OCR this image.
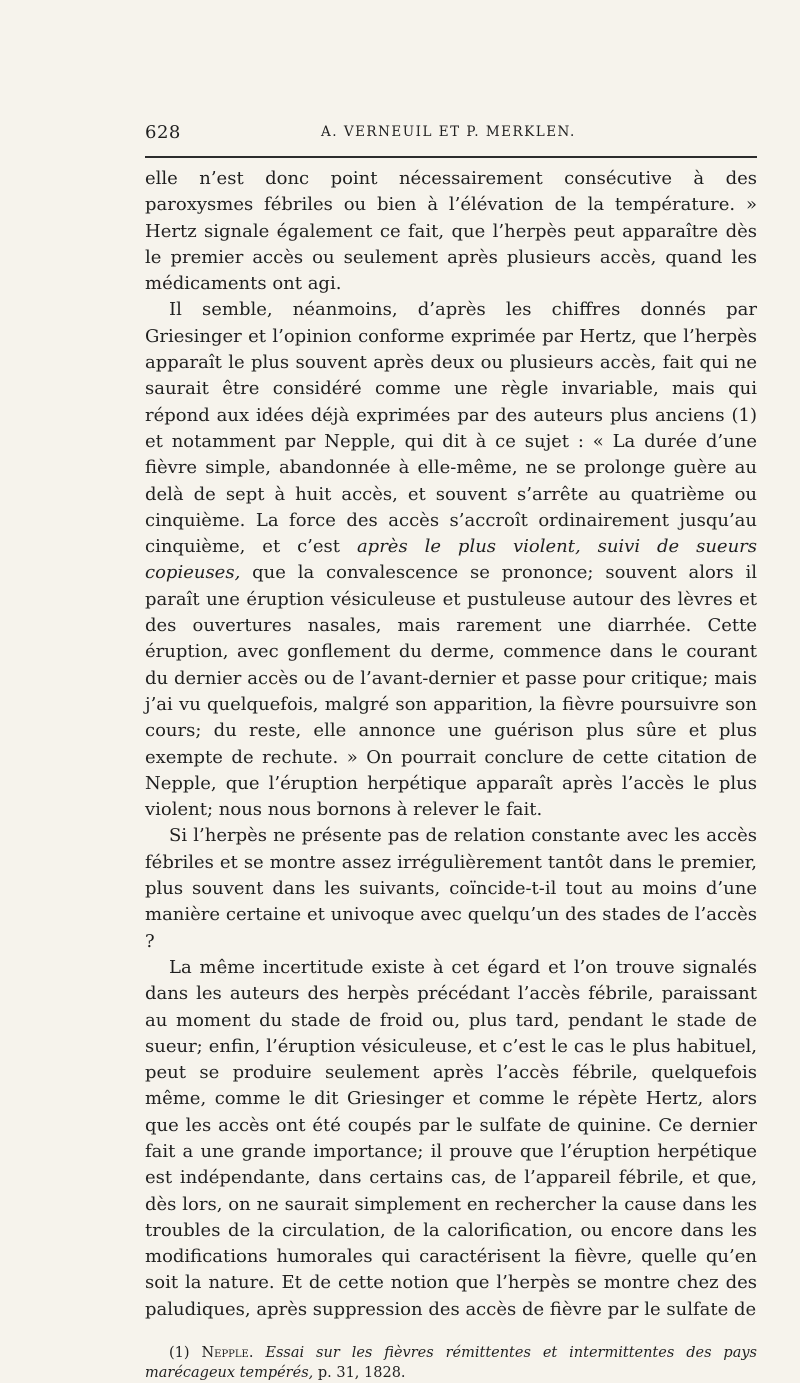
628	A. VERNEUIL ET P. MERKLEN.

elle n’est donc point nécessairement consécutive à des paroxysmes fébriles ou bien à l’élévation de la température. » Hertz signale également ce fait, que l’herpès peut apparaître dès le premier accès ou seulement après plusieurs accès, quand les médicaments ont agi.

Il semble, néanmoins, d’après les chiffres donnés par Griesinger et l’opinion conforme exprimée par Hertz, que l’herpès apparaît le plus souvent après deux ou plusieurs accès, fait qui ne saurait être considéré comme une règle invariable, mais qui répond aux idées déjà exprimées par des auteurs plus anciens (1) et notamment par Nepple, qui dit à ce sujet : « La durée d’une fièvre simple, abandonnée à elle-même, ne se prolonge guère au delà de sept à huit accès, et souvent s’arrête au quatrième ou cinquième. La force des accès s’accroît ordinairement jusqu’au cinquième, et c’est après le plus violent, suivi de sueurs copieuses, que la convalescence se prononce; souvent alors il paraît une éruption vésiculeuse et pustuleuse autour des lèvres et des ouvertures nasales, mais rarement une diarrhée. Cette éruption, avec gonflement du derme, commence dans le courant du dernier accès ou de l’avant-dernier et passe pour critique; mais j’ai vu quelquefois, malgré son apparition, la fièvre poursuivre son cours; du reste, elle annonce une guérison plus sûre et plus exempte de rechute. » On pourrait conclure de cette citation de Nepple, que l’éruption herpétique apparaît après l’accès le plus violent; nous nous bornons à relever le fait.

Si l’herpès ne présente pas de relation constante avec les accès fébriles et se montre assez irrégulièrement tantôt dans le premier, plus souvent dans les suivants, coïncide-t-il tout au moins d’une manière certaine et univoque avec quelqu’un des stades de l’accès ?

La même incertitude existe à cet égard et l’on trouve signalés dans les auteurs des herpès précédant l’accès fébrile, paraissant au moment du stade de froid ou, plus tard, pendant le stade de sueur; enfin, l’éruption vésiculeuse, et c’est le cas le plus habituel, peut se produire seulement après l’accès fébrile, quelquefois même, comme le dit Griesinger et comme le répète Hertz, alors que les accès ont été coupés par le sulfate de quinine. Ce dernier fait a une grande importance; il prouve que l’éruption herpétique est indépendante, dans certains cas, de l’appareil fébrile, et que, dès lors, on ne saurait simplement en rechercher la cause dans les troubles de la circulation, de la calorification, ou encore dans les modifications humorales qui caractérisent la fièvre, quelle qu’en soit la nature. Et de cette notion que l’herpès se montre chez des paludiques, après suppression des accès de fièvre par le sulfate de

(1) Nepple. Essai sur les fièvres rémittentes et intermittentes des pays marécageux tempérés, p. 31, 1828.
